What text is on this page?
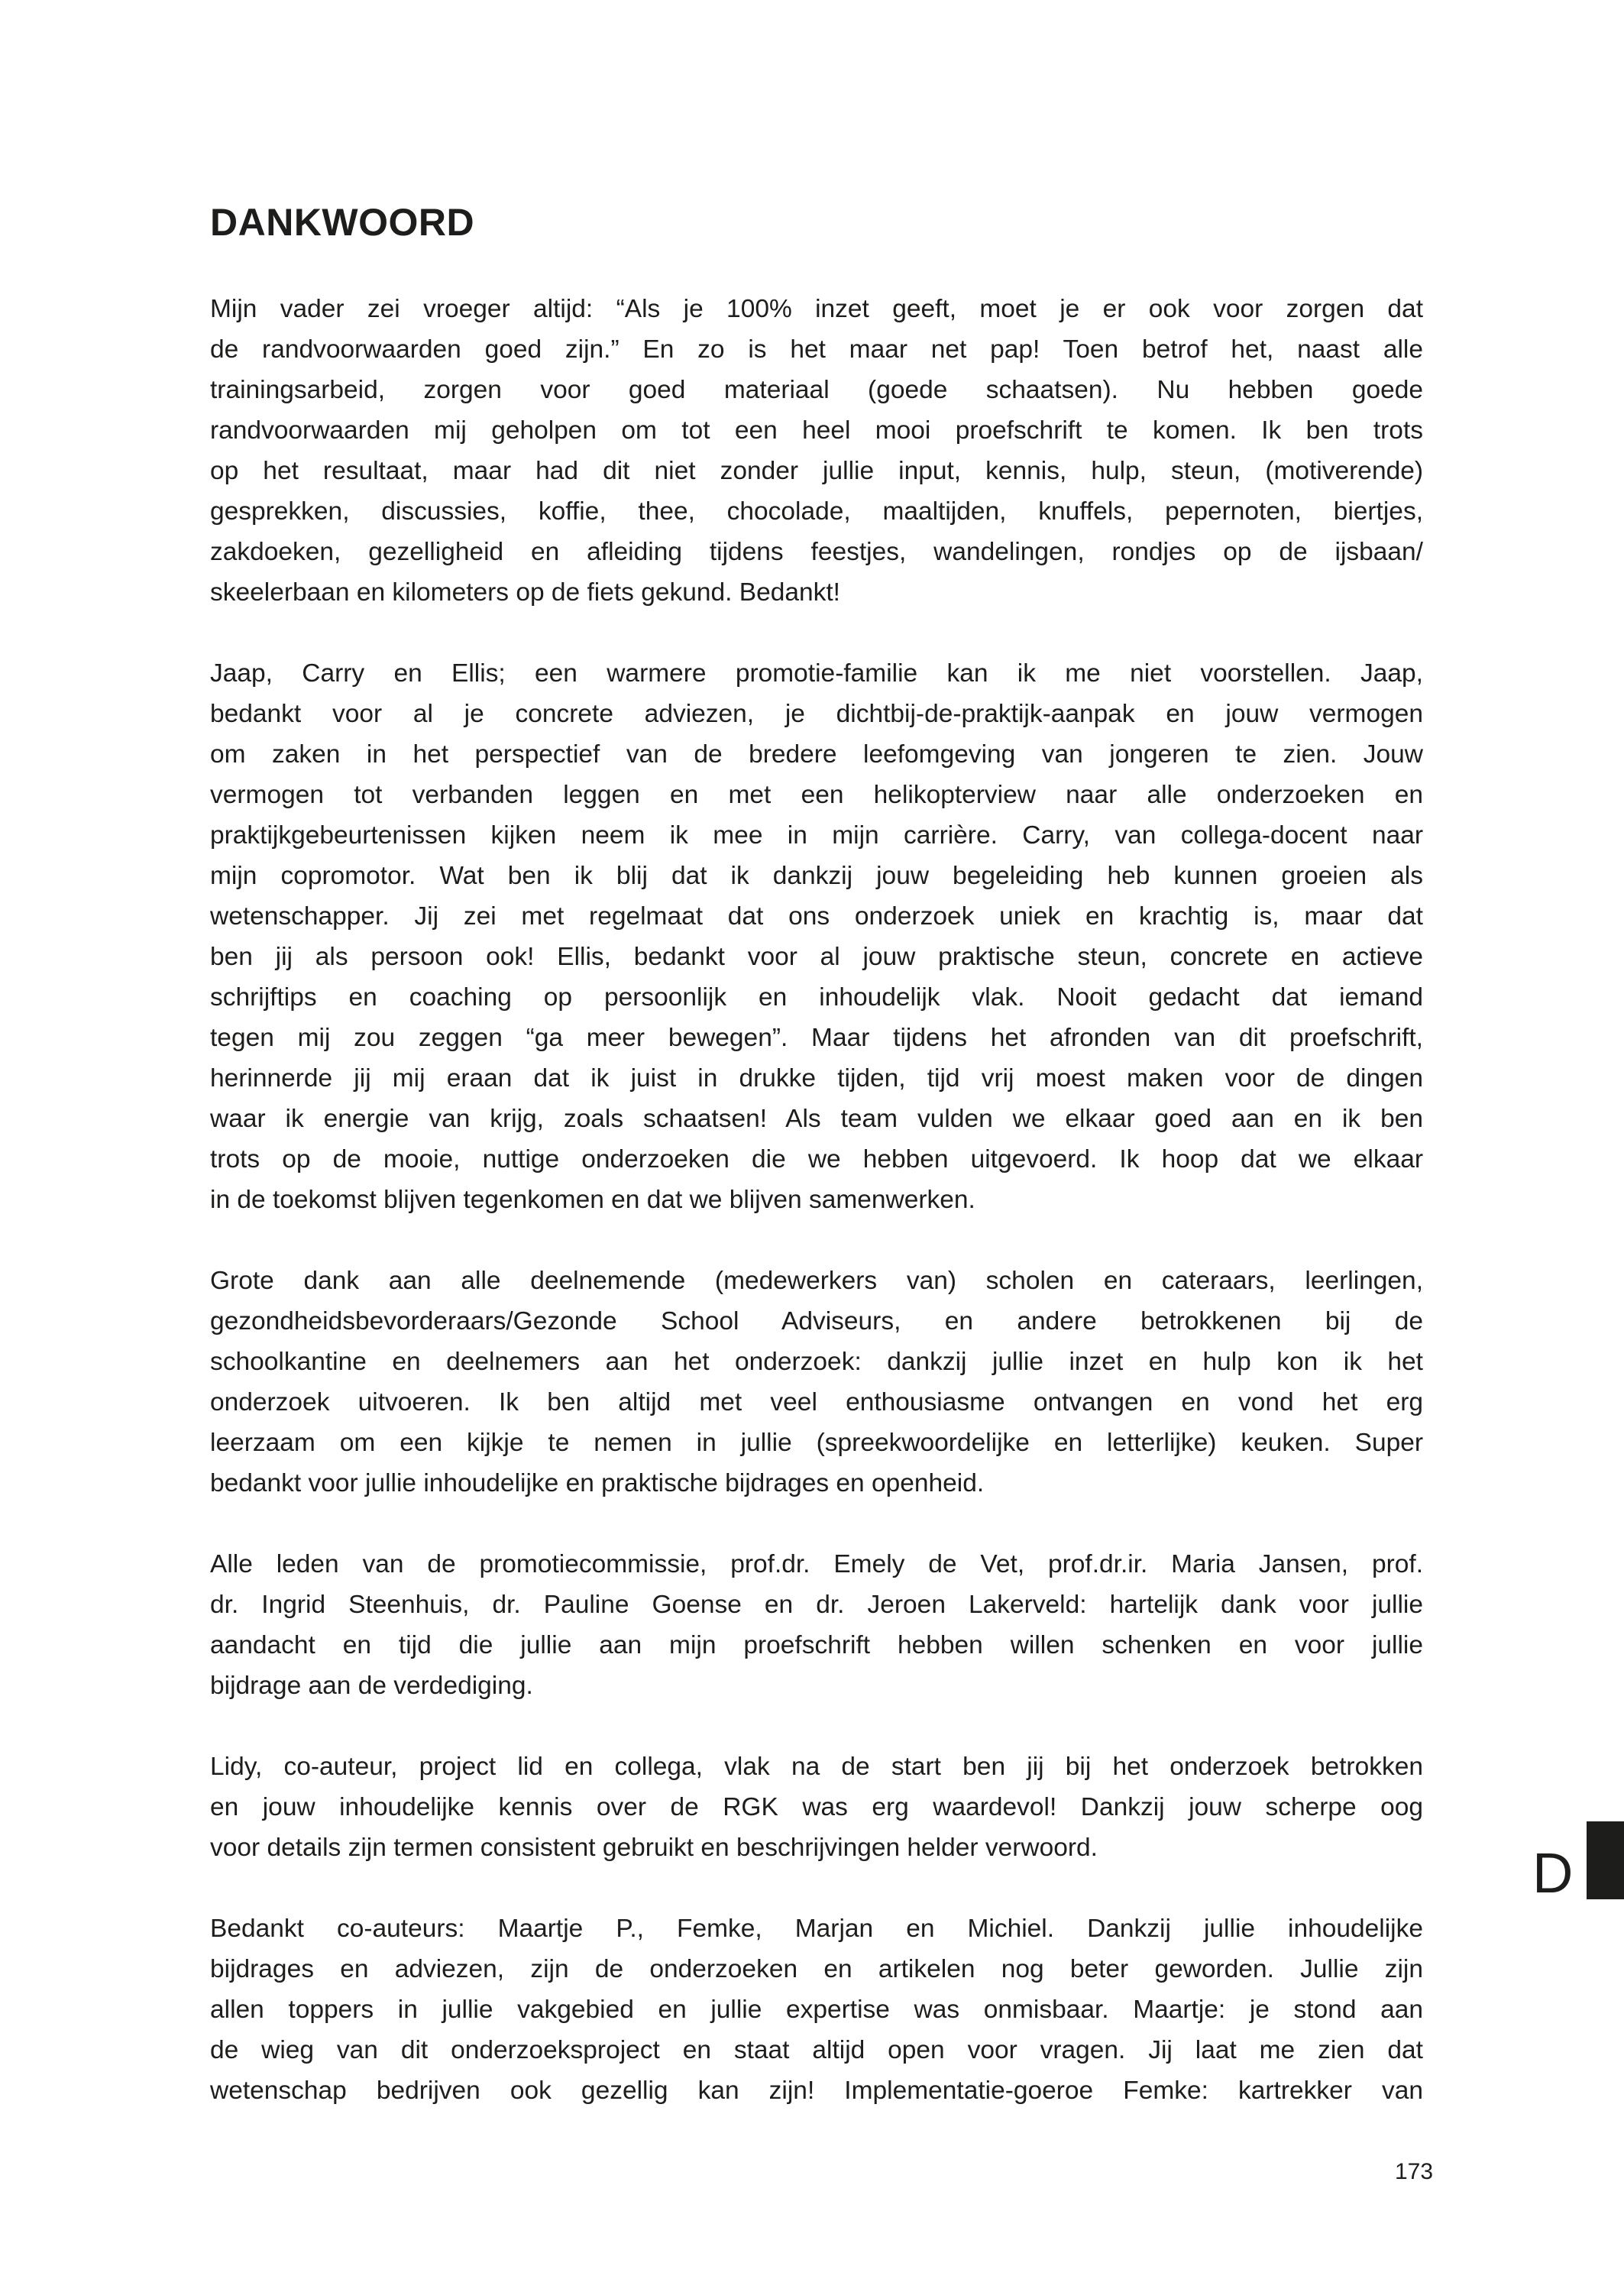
DANKWOORD

Mijn vader zei vroeger altijd: “Als je 100% inzet geeft, moet je er ook voor zorgen dat
de randvoorwaarden goed zijn.” En zo is het maar net pap! Toen betrof het, naast alle
trainingsarbeid, zorgen voor goed materiaal (goede schaatsen). Nu hebben goede
randvoorwaarden mij geholpen om tot een heel mooi proefschrift te komen. Ik ben trots
op het resultaat, maar had dit niet zonder jullie input, kennis, hulp, steun, (motiverende)
gesprekken, discussies, koffie, thee, chocolade, maaltijden, knuffels, pepernoten, biertjes,
zakdoeken, gezelligheid en afleiding tijdens feestjes, wandelingen, rondjes op de ijsbaan/
skeelerbaan en kilometers op de fiets gekund. Bedankt!

Jaap, Carry en Ellis; een warmere promotie-familie kan ik me niet voorstellen. Jaap,
bedankt voor al je concrete adviezen, je dichtbij-de-praktijk-aanpak en jouw vermogen
om zaken in het perspectief van de bredere leefomgeving van jongeren te zien. Jouw
vermogen tot verbanden leggen en met een helikopterview naar alle onderzoeken en
praktijkgebeurtenissen kijken neem ik mee in mijn carrière. Carry, van collega-docent naar
mijn copromotor. Wat ben ik blij dat ik dankzij jouw begeleiding heb kunnen groeien als
wetenschapper. Jij zei met regelmaat dat ons onderzoek uniek en krachtig is, maar dat
ben jij als persoon ook! Ellis, bedankt voor al jouw praktische steun, concrete en actieve
schrijftips en coaching op persoonlijk en inhoudelijk vlak. Nooit gedacht dat iemand
tegen mij zou zeggen “ga meer bewegen”. Maar tijdens het afronden van dit proefschrift,
herinnerde jij mij eraan dat ik juist in drukke tijden, tijd vrij moest maken voor de dingen
waar ik energie van krijg, zoals schaatsen! Als team vulden we elkaar goed aan en ik ben
trots op de mooie, nuttige onderzoeken die we hebben uitgevoerd. Ik hoop dat we elkaar
in de toekomst blijven tegenkomen en dat we blijven samenwerken.

Grote dank aan alle deelnemende (medewerkers van) scholen en cateraars, leerlingen,
gezondheidsbevorderaars/Gezonde School Adviseurs, en andere betrokkenen bij de
schoolkantine en deelnemers aan het onderzoek: dankzij jullie inzet en hulp kon ik het
onderzoek uitvoeren. Ik ben altijd met veel enthousiasme ontvangen en vond het erg
leerzaam om een kijkje te nemen in jullie (spreekwoordelijke en letterlijke) keuken. Super
bedankt voor jullie inhoudelijke en praktische bijdrages en openheid.

Alle leden van de promotiecommissie, prof.dr. Emely de Vet, prof.dr.ir. Maria Jansen, prof.
dr. Ingrid Steenhuis, dr. Pauline Goense en dr. Jeroen Lakerveld: hartelijk dank voor jullie
aandacht en tijd die jullie aan mijn proefschrift hebben willen schenken en voor jullie
bijdrage aan de verdediging.

Lidy, co-auteur, project lid en collega, vlak na de start ben jij bij het onderzoek betrokken
en jouw inhoudelijke kennis over de RGK was erg waardevol! Dankzij jouw scherpe oog
voor details zijn termen consistent gebruikt en beschrijvingen helder verwoord.

Bedankt co-auteurs: Maartje P., Femke, Marjan en Michiel. Dankzij jullie inhoudelijke
bijdrages en adviezen, zijn de onderzoeken en artikelen nog beter geworden. Jullie zijn
allen toppers in jullie vakgebied en jullie expertise was onmisbaar. Maartje: je stond aan
de wieg van dit onderzoeksproject en staat altijd open voor vragen. Jij laat me zien dat
wetenschap bedrijven ook gezellig kan zijn! Implementatie-goeroe Femke: kartrekker van

D
173
